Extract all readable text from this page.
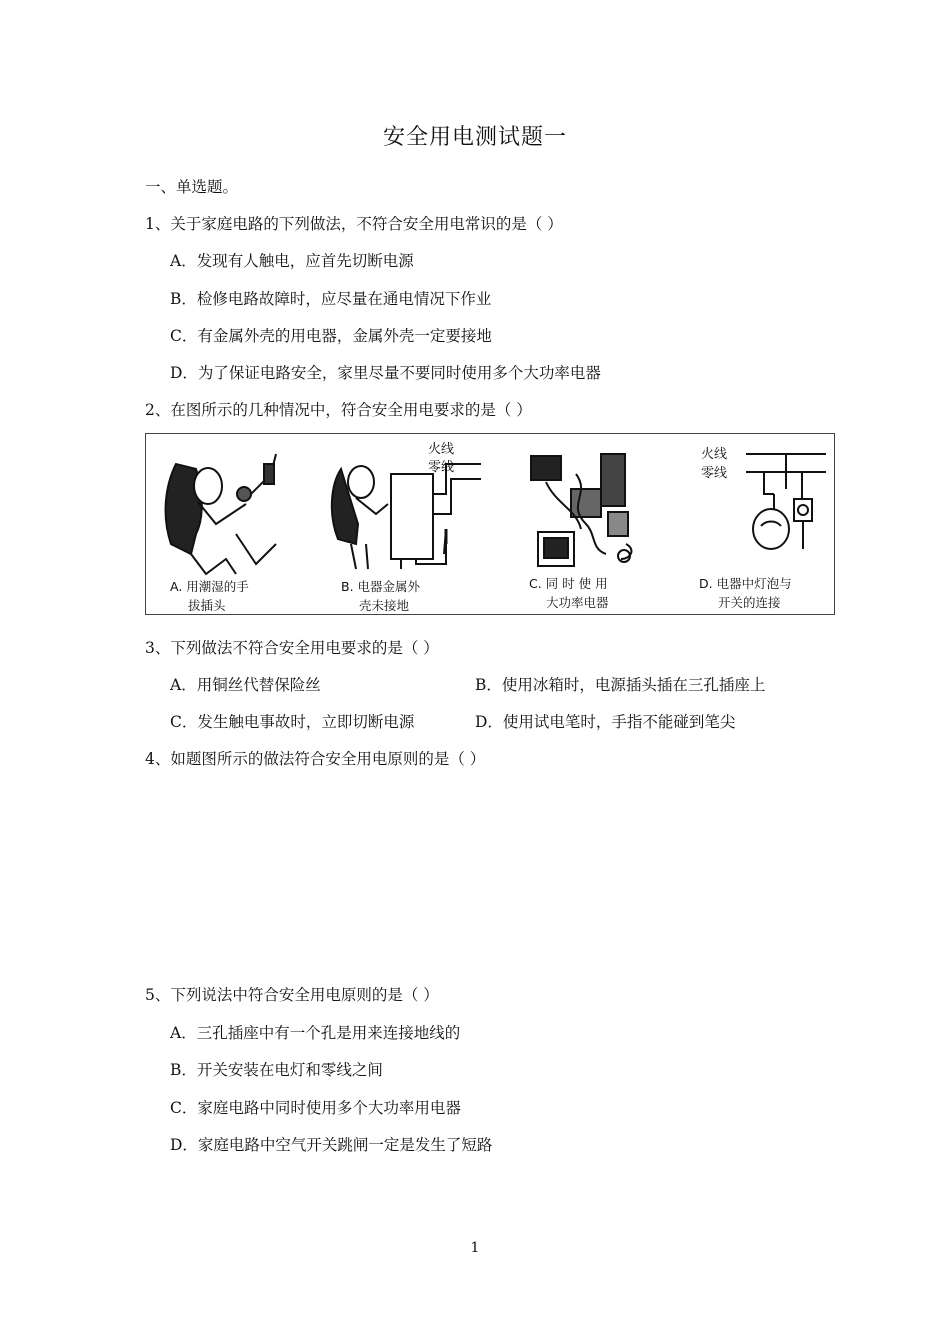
安全用电测试题一
一、单选题。
1、关于家庭电路的下列做法，不符合安全用电常识的是（ ）
A．发现有人触电，应首先切断电源
B．检修电路故障时，应尽量在通电情况下作业
C．有金属外壳的用电器，金属外壳一定要接地
D．为了保证电路安全，家里尽量不要同时使用多个大功率电器
2、在图所示的几种情况中，符合安全用电要求的是（ ）
火线
零线
火线
零线
A. 用潮湿的手
拔插头
B. 电器金属外
壳未接地
C. 同 时 使 用
大功率电器
D. 电器中灯泡与
开关的连接
3、下列做法不符合安全用电要求的是（ ）
A．用铜丝代替保险丝	B．使用冰箱时，电源插头插在三孔插座上
C．发生触电事故时，立即切断电源	D．使用试电笔时，手指不能碰到笔尖
4、如题图所示的做法符合安全用电原则的是（ ）
5、下列说法中符合安全用电原则的是（ ）
A．三孔插座中有一个孔是用来连接地线的
B．开关安装在电灯和零线之间
C．家庭电路中同时使用多个大功率用电器
D．家庭电路中空气开关跳闸一定是发生了短路
1
